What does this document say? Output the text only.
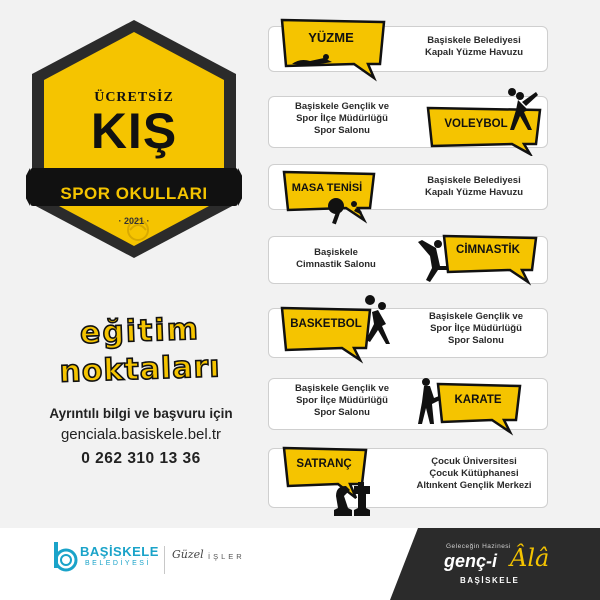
ÜCRETSİZ
KIŞ
SPOR OKULLARI
· 2021 ·
eğitim
noktaları
Ayrıntılı bilgi ve başvuru için
genciala.basiskele.bel.tr
0 262 310 13 36
YÜZME	Başiskele Belediyesi
Kapalı Yüzme Havuzu
Başiskele Gençlik ve
Spor İlçe Müdürlüğü
Spor Salonu
VOLEYBOL
MASA TENİSİ
Başiskele Belediyesi
Kapalı Yüzme Havuzu
Başiskele
Cimnastik Salonu
CİMNASTİK
BASKETBOL
Başiskele Gençlik ve
Spor İlçe Müdürlüğü
Spor Salonu
Başiskele Gençlik ve
Spor İlçe Müdürlüğü
Spor Salonu
KARATE
SATRANÇ	Çocuk Üniversitesi
Çocuk Kütüphanesi
Altınkent Gençlik Merkezi
BAŞİSKELE
BELEDİYESİ
Güzel İŞLER
Geleceğin Hazinesi
genç-i Âlâ
BAŞİSKELE
